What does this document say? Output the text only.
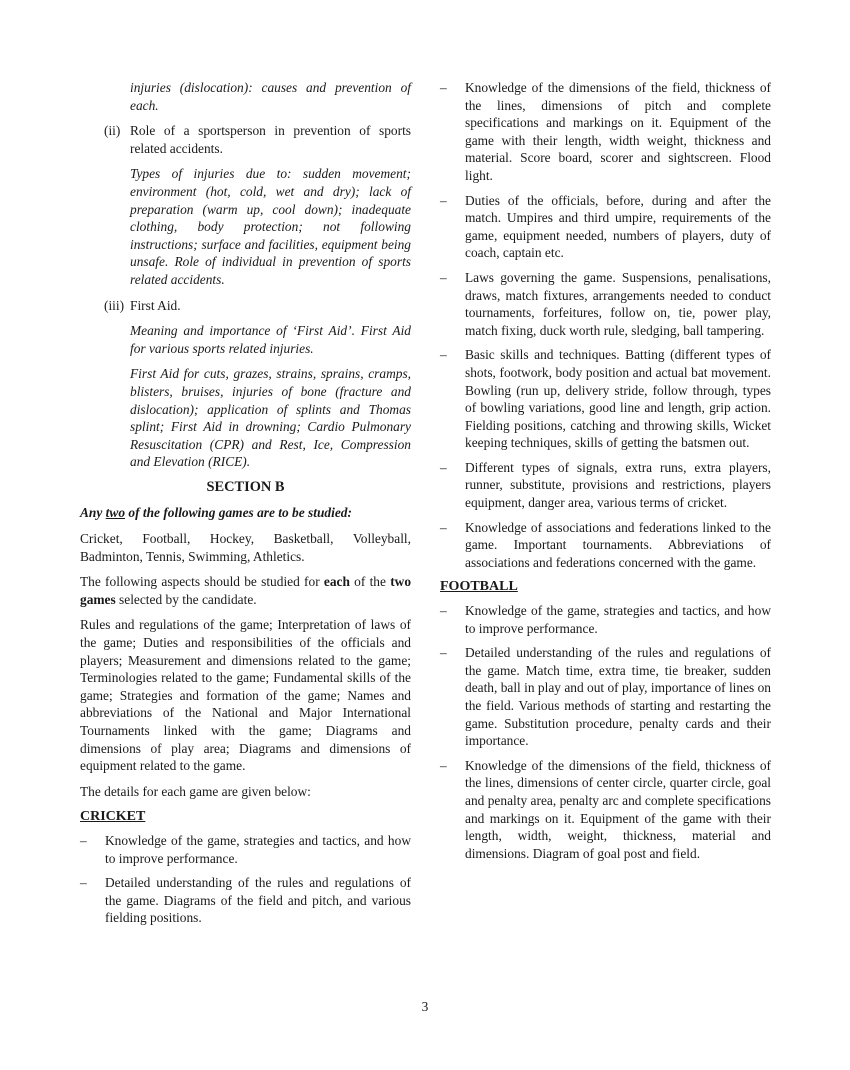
injuries (dislocation): causes and prevention of each.

(ii) Role of a sportsperson in prevention of sports related accidents.

Types of injuries due to: sudden movement; environment (hot, cold, wet and dry); lack of preparation (warm up, cool down); inadequate clothing, body protection; not following instructions; surface and facilities, equipment being unsafe. Role of individual in prevention of sports related accidents.

(iii) First Aid.

Meaning and importance of ‘First Aid’. First Aid for various sports related injuries.

First Aid for cuts, grazes, strains, sprains, cramps, blisters, bruises, injuries of bone (fracture and dislocation); application of splints and Thomas splint; First Aid in drowning; Cardio Pulmonary Resuscitation (CPR) and Rest, Ice, Compression and Elevation (RICE).

SECTION B

Any two of the following games are to be studied:

Cricket, Football, Hockey, Basketball, Volleyball, Badminton, Tennis, Swimming, Athletics.

The following aspects should be studied for each of the two games selected by the candidate.

Rules and regulations of the game; Interpretation of laws of the game; Duties and responsibilities of the officials and players; Measurement and dimensions related to the game; Terminologies related to the game; Fundamental skills of the game; Strategies and formation of the game; Names and abbreviations of the National and Major International Tournaments linked with the game; Diagrams and dimensions of play area; Diagrams and dimensions of equipment related to the game.

The details for each game are given below:

CRICKET

–	Knowledge of the game, strategies and tactics, and how to improve performance.
–	Detailed understanding of the rules and regulations of the game. Diagrams of the field and pitch, and various fielding positions.
–	Knowledge of the dimensions of the field, thickness of the lines, dimensions of pitch and complete specifications and markings on it. Equipment of the game with their length, width weight, thickness and material. Score board, scorer and sightscreen. Flood light.
–	Duties of the officials, before, during and after the match. Umpires and third umpire, requirements of the game, equipment needed, numbers of players, duty of coach, captain etc.
–	Laws governing the game. Suspensions, penalisations, draws, match fixtures, arrangements needed to conduct tournaments, forfeitures, follow on, tie, power play, match fixing, duck worth rule, sledging, ball tampering.
–	Basic skills and techniques. Batting (different types of shots, footwork, body position and actual bat movement. Bowling (run up, delivery stride, follow through, types of bowling variations, good line and length, grip action. Fielding positions, catching and throwing skills, Wicket keeping techniques, skills of getting the batsmen out.
–	Different types of signals, extra runs, extra players, runner, substitute, provisions and restrictions, players equipment, danger area, various terms of cricket.
–	Knowledge of associations and federations linked to the game. Important tournaments. Abbreviations of associations and federations concerned with the game.

FOOTBALL

–	Knowledge of the game, strategies and tactics, and how to improve performance.
–	Detailed understanding of the rules and regulations of the game. Match time, extra time, tie breaker, sudden death, ball in play and out of play, importance of lines on the field. Various methods of starting and restarting the game. Substitution procedure, penalty cards and their importance.
–	Knowledge of the dimensions of the field, thickness of the lines, dimensions of center circle, quarter circle, goal and penalty area, penalty arc and complete specifications and markings on it. Equipment of the game with their length, width, weight, thickness, material and dimensions. Diagram of goal post and field.
3
